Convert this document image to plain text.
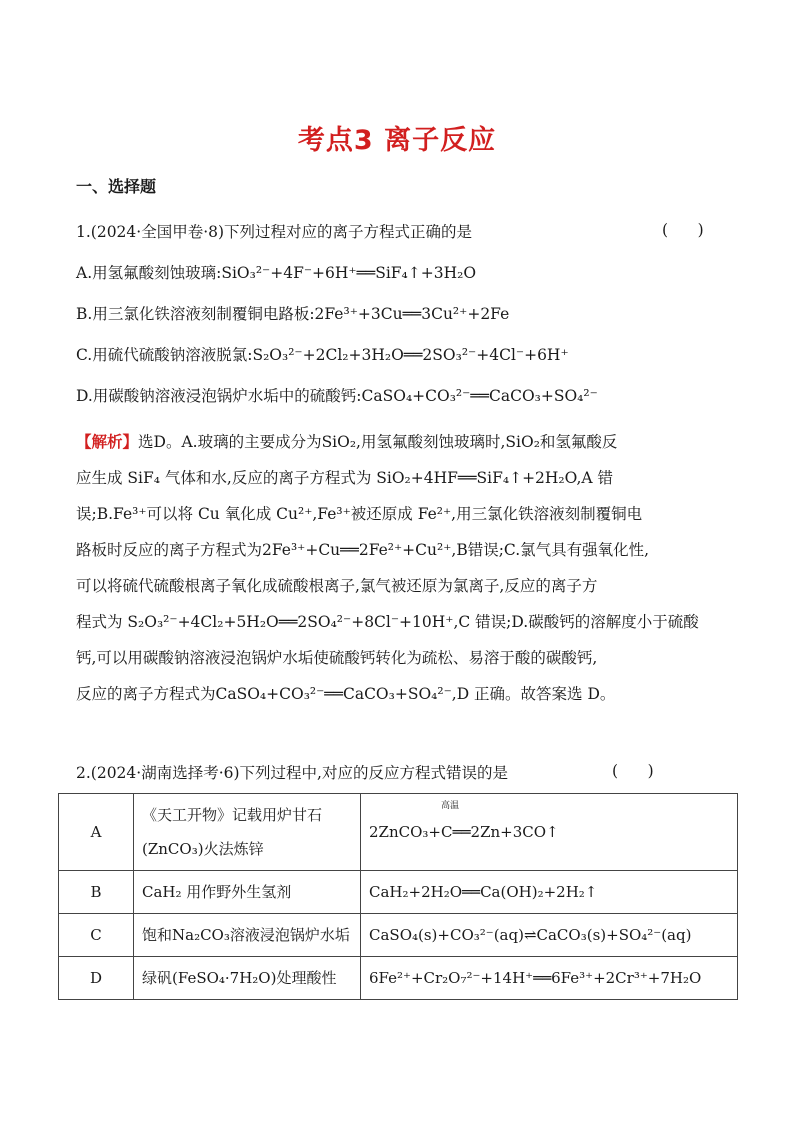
考点3 离子反应
一、选择题
1.(2024·全国甲卷·8)下列过程对应的离子方程式正确的是	(      )
A.用氢氟酸刻蚀玻璃:SiO₃²⁻+4F⁻+6H⁺══SiF₄↑+3H₂O
B.用三氯化铁溶液刻制覆铜电路板:2Fe³⁺+3Cu══3Cu²⁺+2Fe
C.用硫代硫酸钠溶液脱氯:S₂O₃²⁻+2Cl₂+3H₂O══2SO₃²⁻+4Cl⁻+6H⁺
D.用碳酸钠溶液浸泡锅炉水垢中的硫酸钙:CaSO₄+CO₃²⁻══CaCO₃+SO₄²⁻

【解析】选D。A.玻璃的主要成分为SiO₂,用氢氟酸刻蚀玻璃时,SiO₂和氢氟酸反

应生成 SiF₄ 气体和水,反应的离子方程式为 SiO₂+4HF══SiF₄↑+2H₂O,A 错

误;B.Fe³⁺可以将 Cu 氧化成 Cu²⁺,Fe³⁺被还原成 Fe²⁺,用三氯化铁溶液刻制覆铜电

路板时反应的离子方程式为2Fe³⁺+Cu══2Fe²⁺+Cu²⁺,B错误;C.氯气具有强氧化性,

可以将硫代硫酸根离子氧化成硫酸根离子,氯气被还原为氯离子,反应的离子方

程式为 S₂O₃²⁻+4Cl₂+5H₂O══2SO₄²⁻+8Cl⁻+10H⁺,C 错误;D.碳酸钙的溶解度小于硫酸

钙,可以用碳酸钠溶液浸泡锅炉水垢使硫酸钙转化为疏松、易溶于酸的碳酸钙,

反应的离子方程式为CaSO₄+CO₃²⁻══CaCO₃+SO₄²⁻,D 正确。故答案选 D。

2.(2024·湖南选择考·6)下列过程中,对应的反应方程式错误的是	(      )
A	《天工开物》记载用炉甘石(ZnCO₃)火法炼锌	高温
2ZnCO₃+C══2Zn+3CO↑
B	CaH₂ 用作野外生氢剂	CaH₂+2H₂O══Ca(OH)₂+2H₂↑
C	饱和Na₂CO₃溶液浸泡锅炉水垢	CaSO₄(s)+CO₃²⁻(aq)⇌CaCO₃(s)+SO₄²⁻(aq)
D	绿矾(FeSO₄·7H₂O)处理酸性	6Fe²⁺+Cr₂O₇²⁻+14H⁺══6Fe³⁺+2Cr³⁺+7H₂O
